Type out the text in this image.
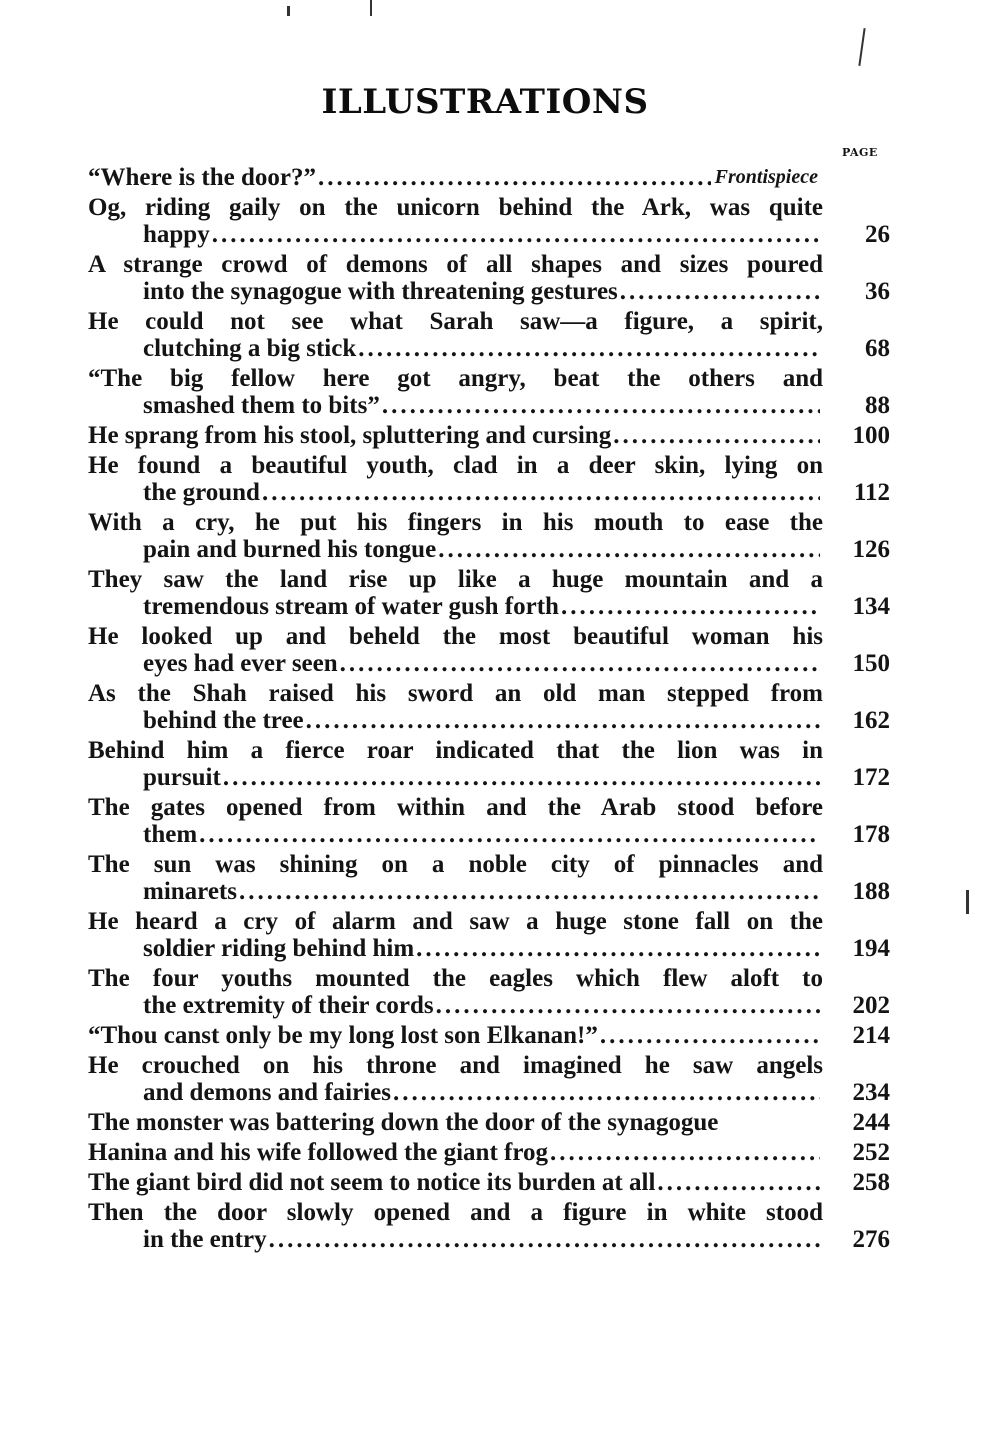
ILLUSTRATIONS
PAGE
“Where is the door?” .....	Frontispiece
Og, riding gaily on the unicorn behind the Ark, was quite
happy .....	26
A strange crowd of demons of all shapes and sizes poured
into the synagogue with threatening gestures .....	36
He could not see what Sarah saw—a figure, a spirit,
clutching a big stick .....	68
“The big fellow here got angry, beat the others and
smashed them to bits” .....	88
He sprang from his stool, spluttering and cursing .....	100
He found a beautiful youth, clad in a deer skin, lying on
the ground .....	112
With a cry, he put his fingers in his mouth to ease the
pain and burned his tongue .....	126
They saw the land rise up like a huge mountain and a
tremendous stream of water gush forth .....	134
He looked up and beheld the most beautiful woman his
eyes had ever seen .....	150
As the Shah raised his sword an old man stepped from
behind the tree .....	162
Behind him a fierce roar indicated that the lion was in
pursuit .....	172
The gates opened from within and the Arab stood before
them .....	178
The sun was shining on a noble city of pinnacles and
minarets .....	188
He heard a cry of alarm and saw a huge stone fall on the
soldier riding behind him .....	194
The four youths mounted the eagles which flew aloft to
the extremity of their cords .....	202
“Thou canst only be my long lost son Elkanan!” .....	214
He crouched on his throne and imagined he saw angels
and demons and fairies .....	234
The monster was battering down the door of the synagogue	244
Hanina and his wife followed the giant frog .....	252
The giant bird did not seem to notice its burden at all .....	258
Then the door slowly opened and a figure in white stood
in the entry .....	276
